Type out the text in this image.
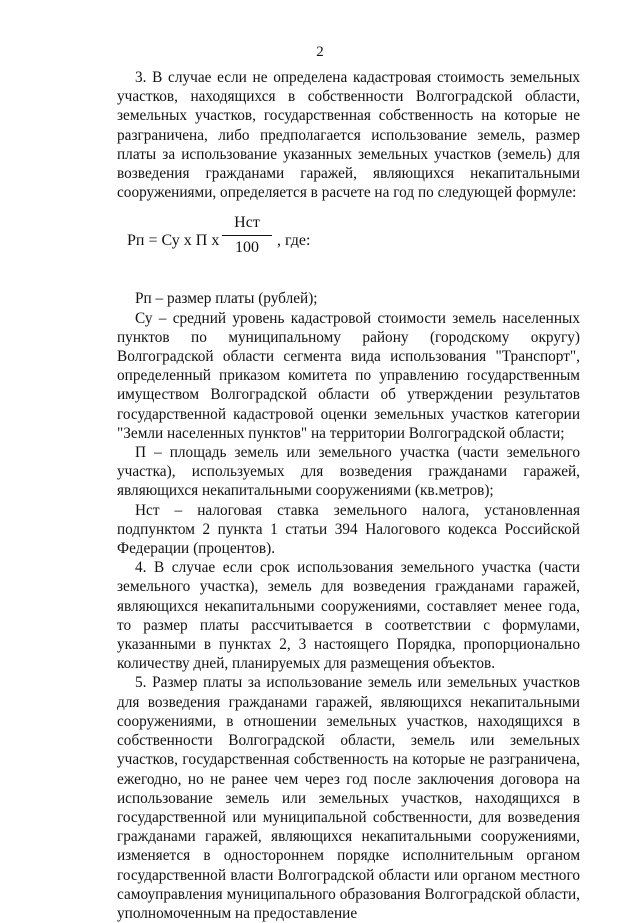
2

3. В случае если не определена кадастровая стоимость земельных участков, находящихся в собственности Волгоградской области, земельных участков, государственная собственность на которые не разграничена, либо предполагается использование земель, размер платы за использование указанных земельных участков (земель) для возведения гражданами гаражей, являющихся некапитальными сооружениями, определяется в расчете на год по следующей формуле:

Рп = Су x П x
Нст
100	, где:

Рп – размер платы (рублей);

Су – средний уровень кадастровой стоимости земель населенных пунктов по муниципальному району (городскому округу) Волгоградской области сегмента вида использования "Транспорт", определенный приказом комитета по управлению государственным имуществом Волгоградской области об утверждении результатов государственной кадастровой оценки земельных участков категории "Земли населенных пунктов" на территории Волгоградской области;

П – площадь земель или земельного участка (части земельного участка), используемых для возведения гражданами гаражей, являющихся некапитальными сооружениями (кв.метров);

Нст – налоговая ставка земельного налога, установленная подпунктом 2 пункта 1 статьи 394 Налогового кодекса Российской Федерации (процентов).

4. В случае если срок использования земельного участка (части земельного участка), земель для возведения гражданами гаражей, являющихся некапитальными сооружениями, составляет менее года, то размер платы рассчитывается в соответствии с формулами, указанными в пунктах 2, 3 настоящего Порядка, пропорционально количеству дней, планируемых для размещения объектов.

5. Размер платы за использование земель или земельных участков для возведения гражданами гаражей, являющихся некапитальными сооружениями, в отношении земельных участков, находящихся в собственности Волгоградской области, земель или земельных участков, государственная собственность на которые не разграничена, ежегодно, но не ранее чем через год после заключения договора на использование земель или земельных участков, находящихся в государственной или муниципальной собственности, для возведения гражданами гаражей, являющихся некапитальными сооружениями, изменяется в одностороннем порядке исполнительным органом государственной власти Волгоградской области или органом местного самоуправления муниципального образования Волгоградской области, уполномоченным на предоставление
